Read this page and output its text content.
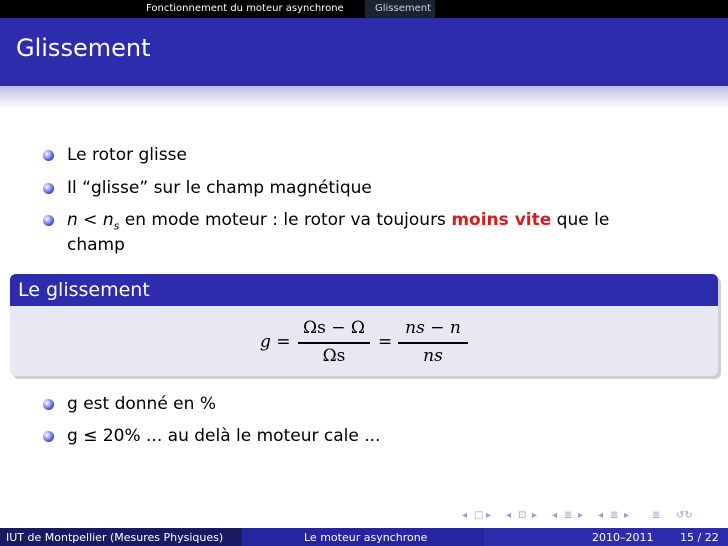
Fonctionnement du moteur asynchrone	Glissement
Glissement
Le rotor glisse
Il “glisse” sur le champ magnétique
$n < n_s$ en mode moteur : le rotor va toujours moins vite que le
champ
Le glissement
g =
Ωs − Ω
Ωs
=
ns − n
ns
g est donné en %
g ≤ 20% ... au delà le moteur cale ...
◂ □ ▸ ◂ ⊡ ▸ ◂ ≣ ▸ ◂ ≣ ▸ ≣ ↺↻
IUT de Montpellier (Mesures Physiques)	Le moteur asynchrone	2010–2011 15 / 22
